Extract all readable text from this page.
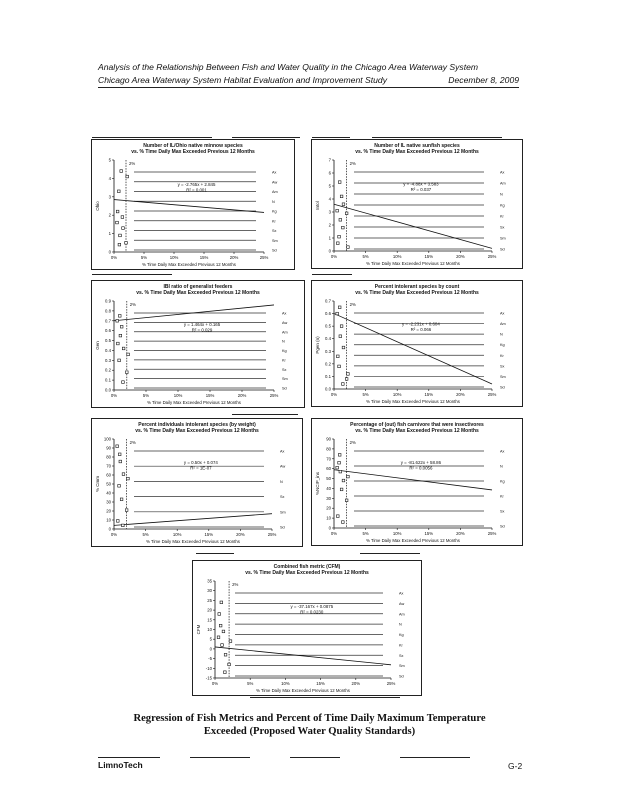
Analysis of the Relationship Between Fish and Water Quality in the Chicago Area Waterway System
Chicago Area Waterway System Habitat Evaluation and Improvement Study	December 8, 2009
Number of IL/Ohio native minnow species
vs. % Time Daily Max Exceeded Previous 12 Months
Ax
Aw
Am
N
Kg
Kr
Sx
Sm
Sd
0
1
2
3
4
5
0%	5%	10%	15%	20%	25%
2%
y = -2.765x + 2.845
R² = 0.001
% Time Daily Max Exceeded Previous 12 Months
Ohio
Number of IL native sunfish species
vs. % Time Daily Max Exceeded Previous 12 Months
Ax
Am
N
Kg
Kr
Sx
Sm
Sd
0
1
2
3
4
5
6
7
0%	5%	10%	15%	20%	25%
2%
y = -4.88x + 3.583
R² = 0.037
% Time Daily Max Exceeded Previous 12 Months
Intol
IBI ratio of generalist feeders
vs. % Time Daily Max Exceeded Previous 12 Months
Ax
Aw
Am
N
Kg
Kr
Sx
Sm
Sd
0.0
0.1
0.2
0.3
0.4
0.5
0.6
0.7
0.8
0.9
0%	5%	10%	15%	20%	25%
2%
y = 1.464x + 0.165
R² = 0.029
% Time Daily Max Exceeded Previous 12 Months
Gen
Percent intolerant species by count
vs. % Time Daily Max Exceeded Previous 12 Months
Ax
Am
N
Kg
Kr
Sx
Sm
Sd
0.0
0.1
0.2
0.3
0.4
0.5
0.6
0.7
0%	5%	10%	15%	20%	25%
2%
y = -2.231x + 0.604
R² = 0.066
% Time Daily Max Exceeded Previous 12 Months
Pgen (n)
Percent individuals intolerant species (by weight)
vs. % Time Daily Max Exceeded Previous 12 Months
Ax
Aw
N
Sx
Sm
Sd
0
10
20
30
40
50
60
70
80
90
100
0%	5%	10%	15%	20%	25%
2%
y = 0.50x + 0.074
R² = 1E-07
% Time Daily Max Exceeded Previous 12 Months
% Cmm
Percentage of (out) fish carnivore that were insectivores
vs. % Time Daily Max Exceeded Previous 12 Months
Ax
N
Kg
Kr
Sx
Sd
0
10
20
30
40
50
60
70
80
90
0%	5%	10%	15%	20%	25%
2%
y = -81.622x + 58.86
R² = 0.0056
% Time Daily Max Exceeded Previous 12 Months
%NCIP_ins
Combined fish metric (CFM)
vs. % Time Daily Max Exceeded Previous 12 Months
Ax
Aw
Am
N
Kg
Kr
Sx
Sm
Sd
-15
-10
-5
0
5
10
15
20
25
30
35
0%	5%	10%	15%	20%	25%
2%
y = -37.167x + 0.0875
R² = 0.0230
% Time Daily Max Exceeded Previous 12 Months
CFM
Regression of Fish Metrics and Percent of Time Daily Maximum Temperature
Exceeded (Proposed Water Quality Standards)
LimnoTech	G-2
